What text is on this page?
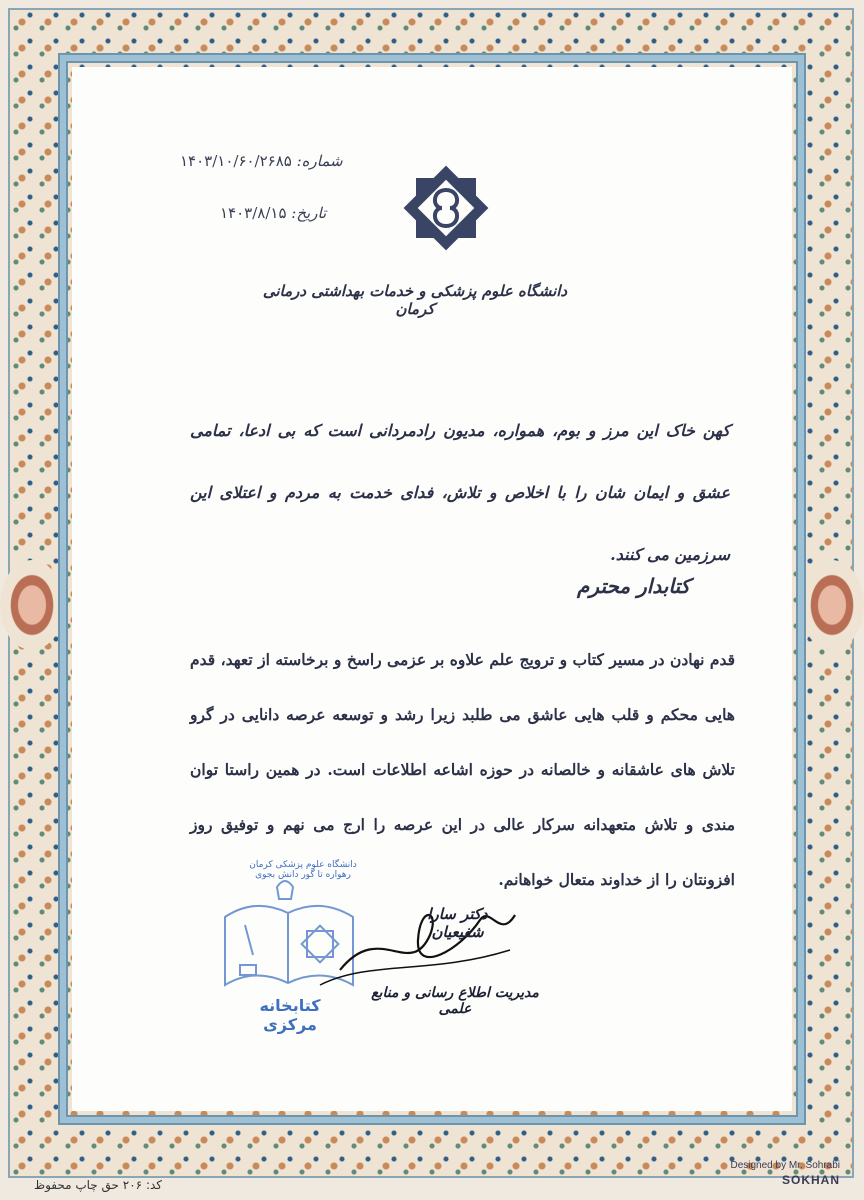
شماره: ۱۴۰۳/۱۰/۶۰/۲۶۸۵
تاریخ: ۱۴۰۳/۸/۱۵
دانشگاه علوم پزشکی و خدمات بهداشتی درمانی کرمان
کهن خاک این مرز و بوم، همواره، مدیون رادمردانی است که بی ادعا، تمامی عشق و ایمان شان را با اخلاص و تلاش، فدای خدمت به مردم و اعتلای این سرزمین می کنند.
کتابدار محترم
قدم نهادن در مسیر کتاب و ترویج علم علاوه بر عزمی راسخ و برخاسته از تعهد، قدم هایی محکم و قلب هایی عاشق می طلبد زیرا رشد و توسعه عرصه دانایی در گرو تلاش های عاشقانه و خالصانه در حوزه اشاعه اطلاعات است. در همین راستا توان مندی و تلاش متعهدانه سرکار عالی در این عرصه را ارج می نهم و توفیق روز افزونتان را از خداوند متعال خواهانم.
دانشگاه علوم پزشکی کرمان
رهواره تا گور دانش بجوی
کتابخانه مرکزی
دکتر سارا شفیعیان
مدیریت اطلاع رسانی و منابع علمی
کد: ۲۰۶ حق چاپ محفوظ
Designed by Mr. Sohrabi
SOKHAN
